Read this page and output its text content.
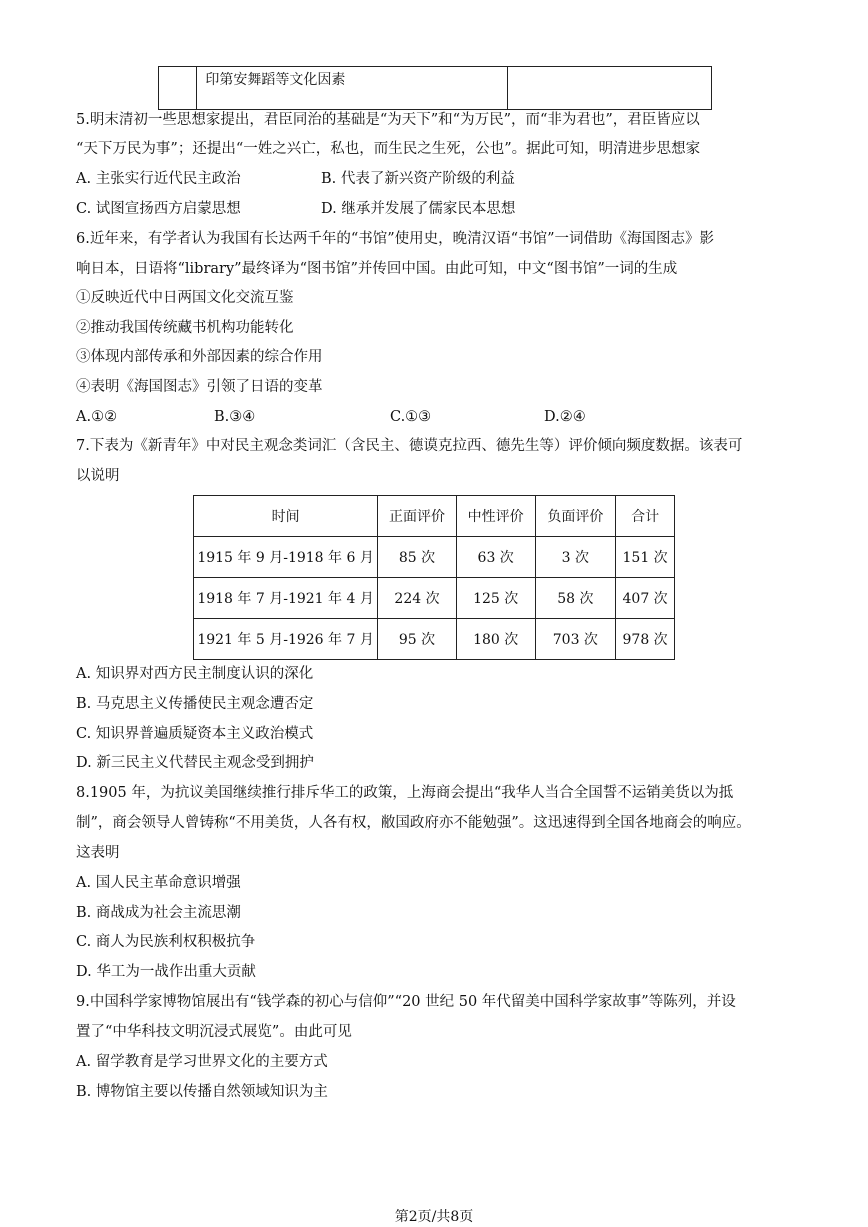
	印第安舞蹈等文化因素	
5.明末清初一些思想家提出，君臣同治的基础是“为天下”和“为万民”，而“非为君也”，君臣皆应以
“天下万民为事”；还提出“一姓之兴亡，私也，而生民之生死，公也”。据此可知，明清进步思想家
A. 主张实行近代民主政治	B. 代表了新兴资产阶级的利益
C. 试图宣扬西方启蒙思想	D. 继承并发展了儒家民本思想
6.近年来，有学者认为我国有长达两千年的“书馆”使用史，晚清汉语“书馆”一词借助《海国图志》影
响日本，日语将“library”最终译为“图书馆”并传回中国。由此可知，中文“图书馆”一词的生成
①反映近代中日两国文化交流互鉴
②推动我国传统藏书机构功能转化
③体现内部传承和外部因素的综合作用
④表明《海国图志》引领了日语的变革
A.①②	B.③④	C.①③	D.②④
7.下表为《新青年》中对民主观念类词汇（含民主、德谟克拉西、德先生等）评价倾向频度数据。该表可
以说明
时间	正面评价	中性评价	负面评价	合计
1915 年 9 月-1918 年 6 月	85 次	63 次	3 次	151 次
1918 年 7 月-1921 年 4 月	224 次	125 次	58 次	407 次
1921 年 5 月-1926 年 7 月	95 次	180 次	703 次	978 次
A. 知识界对西方民主制度认识的深化
B. 马克思主义传播使民主观念遭否定
C. 知识界普遍质疑资本主义政治模式
D. 新三民主义代替民主观念受到拥护
8.1905 年，为抗议美国继续推行排斥华工的政策，上海商会提出“我华人当合全国誓不运销美货以为抵
制”，商会领导人曾铸称“不用美货，人各有权，敝国政府亦不能勉强”。这迅速得到全国各地商会的响应。
这表明
A. 国人民主革命意识增强
B. 商战成为社会主流思潮
C. 商人为民族利权积极抗争
D. 华工为一战作出重大贡献
9.中国科学家博物馆展出有“钱学森的初心与信仰”“20 世纪 50 年代留美中国科学家故事”等陈列，并设
置了“中华科技文明沉浸式展览”。由此可见
A. 留学教育是学习世界文化的主要方式
B. 博物馆主要以传播自然领域知识为主
第2页/共8页
